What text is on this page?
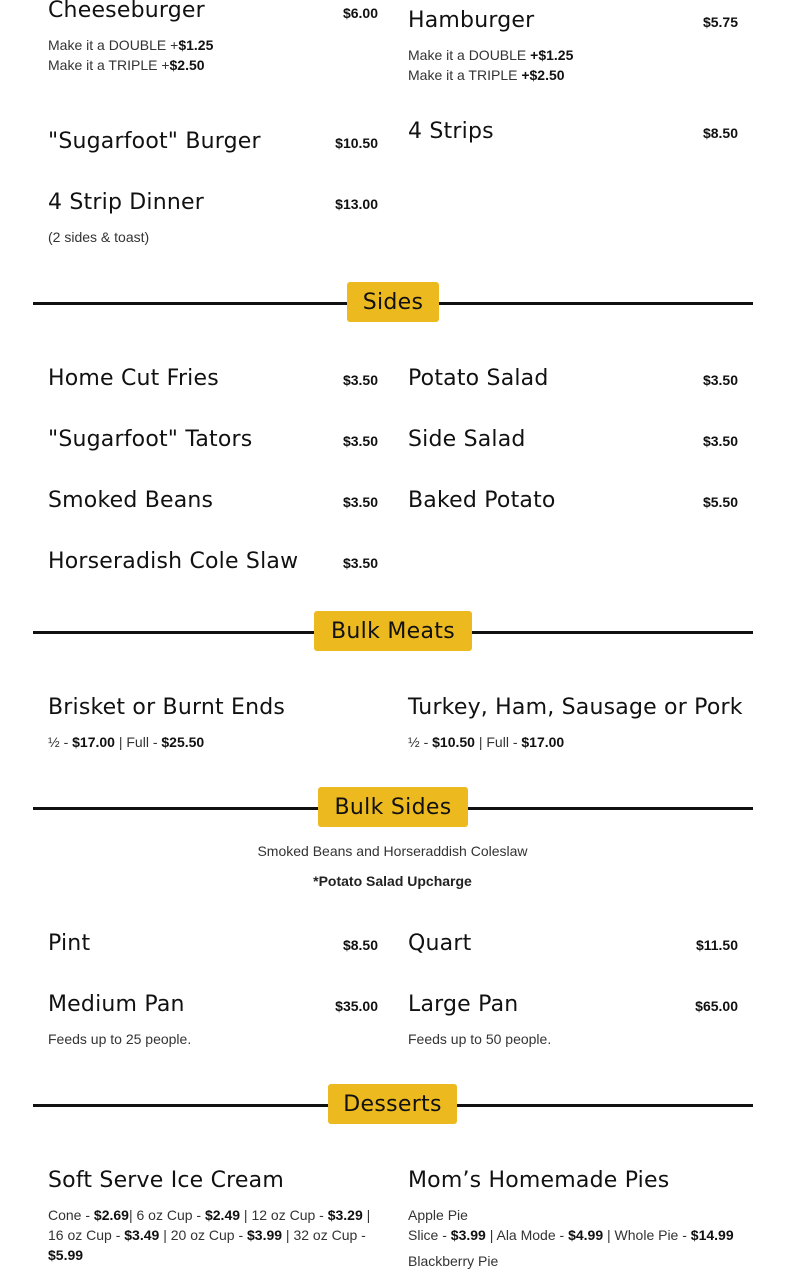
Cheeseburger	$6.00
Make it a DOUBLE +$1.25
Make it a TRIPLE +$2.50
Hamburger	$5.75
Make it a DOUBLE +$1.25
Make it a TRIPLE +$2.50
"Sugarfoot" Burger	$10.50 4 Strips	$8.50
4 Strip Dinner	$13.00
(2 sides & toast)
Sides
Home Cut Fries	$3.50 Potato Salad	$3.50
"Sugarfoot" Tators	$3.50 Side Salad	$3.50
Smoked Beans	$3.50 Baked Potato	$5.50
Horseradish Cole Slaw	$3.50
Bulk Meats
Brisket or Burnt Ends
½ - $17.00 | Full - $25.50
Turkey, Ham, Sausage or Pork
½ - $10.50 | Full - $17.00
Bulk Sides
Smoked Beans and Horseraddish Coleslaw
*Potato Salad Upcharge
Pint	$8.50 Quart	$11.50
Medium Pan	$35.00
Feeds up to 25 people.
Large Pan	$65.00
Feeds up to 50 people.
Desserts
Soft Serve Ice Cream
Cone - $2.69| 6 oz Cup - $2.49 | 12 oz Cup - $3.29 | 16 oz Cup - $3.49 | 20 oz Cup - $3.99 | 32 oz Cup - $5.99
Mom’s Homemade Pies
Apple Pie
Slice - $3.99 | Ala Mode - $4.99 | Whole Pie - $14.99
Blackberry Pie
